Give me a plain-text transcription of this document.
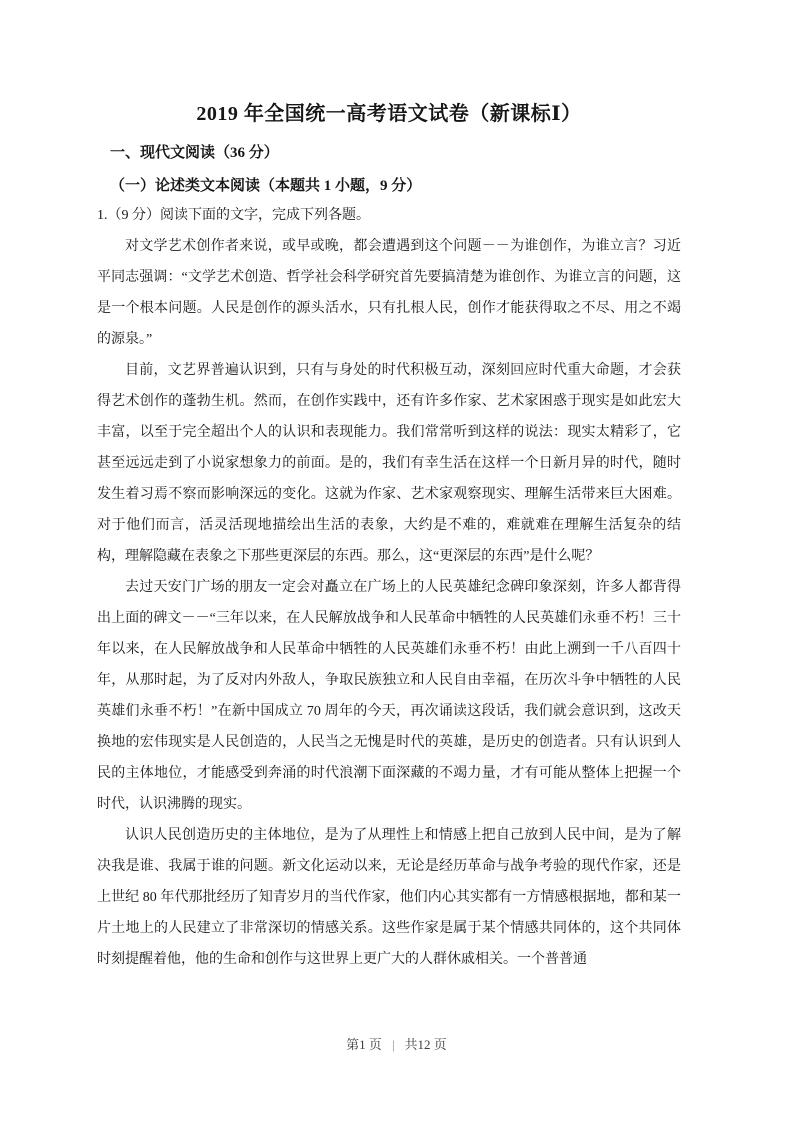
2019 年全国统一高考语文试卷（新课标Ⅰ）
一、现代文阅读（36 分）
（一）论述类文本阅读（本题共 1 小题，9 分）

1.（9 分）阅读下面的文字，完成下列各题。

对文学艺术创作者来说，或早或晚，都会遭遇到这个问题－－为谁创作，为谁立言？习近平同志强调：“文学艺术创造、哲学社会科学研究首先要搞清楚为谁创作、为谁立言的问题，这是一个根本问题。人民是创作的源头活水，只有扎根人民，创作才能获得取之不尽、用之不竭的源泉。”

目前，文艺界普遍认识到，只有与身处的时代积极互动，深刻回应时代重大命题，才会获得艺术创作的蓬勃生机。然而，在创作实践中，还有许多作家、艺术家困惑于现实是如此宏大丰富，以至于完全超出个人的认识和表现能力。我们常常听到这样的说法：现实太精彩了，它甚至远远走到了小说家想象力的前面。是的，我们有幸生活在这样一个日新月异的时代，随时发生着习焉不察而影响深远的变化。这就为作家、艺术家观察现实、理解生活带来巨大困难。对于他们而言，活灵活现地描绘出生活的表象，大约是不难的，难就难在理解生活复杂的结构，理解隐藏在表象之下那些更深层的东西。那么，这“更深层的东西”是什么呢？

去过天安门广场的朋友一定会对矗立在广场上的人民英雄纪念碑印象深刻，许多人都背得出上面的碑文－－“三年以来，在人民解放战争和人民革命中牺牲的人民英雄们永垂不朽！三十年以来，在人民解放战争和人民革命中牺牲的人民英雄们永垂不朽！由此上溯到一千八百四十年，从那时起，为了反对内外敌人，争取民族独立和人民自由幸福，在历次斗争中牺牲的人民英雄们永垂不朽！”在新中国成立 70 周年的今天，再次诵读这段话，我们就会意识到，这改天换地的宏伟现实是人民创造的，人民当之无愧是时代的英雄，是历史的创造者。只有认识到人民的主体地位，才能感受到奔涌的时代浪潮下面深藏的不竭力量，才有可能从整体上把握一个时代，认识沸腾的现实。

认识人民创造历史的主体地位，是为了从理性上和情感上把自己放到人民中间，是为了解决我是谁、我属于谁的问题。新文化运动以来，无论是经历革命与战争考验的现代作家，还是上世纪 80 年代那批经历了知青岁月的当代作家，他们内心其实都有一方情感根据地，都和某一片土地上的人民建立了非常深切的情感关系。这些作家是属于某个情感共同体的，这个共同体时刻提醒着他，他的生命和创作与这世界上更广大的人群休戚相关。一个普普通

第1 页 | 共12 页
